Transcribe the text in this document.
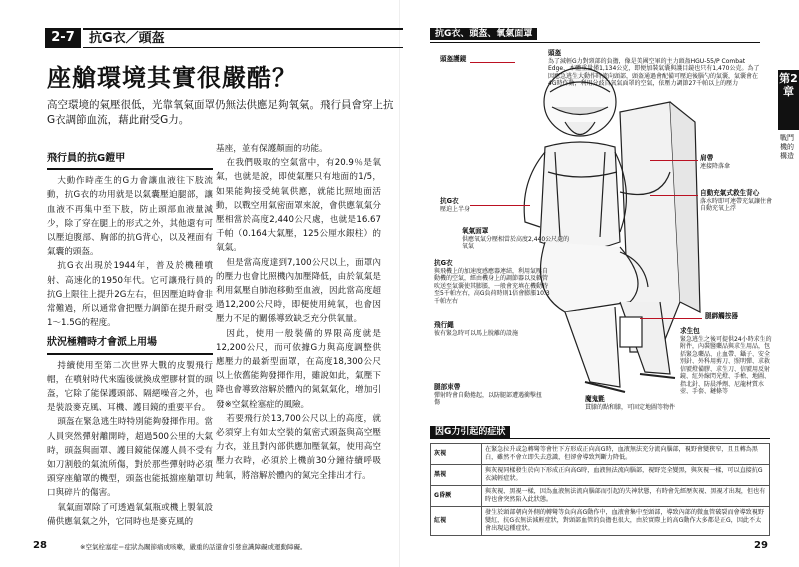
2-7	抗G衣／頭盔
座艙環境其實很嚴酷？
高空環境的氣壓很低，光靠氧氣面罩仍無法供應足夠氧氣。飛行員會穿上抗G衣調節血流，藉此耐受G力。
飛行員的抗G鎧甲

大動作時產生的G力會讓血液往下肢流動，抗G衣的功用就是以氣囊壓迫腿部，讓血液不再集中至下肢，防止頭部血液量減少，除了穿在腿上的形式之外，其他還有可以壓迫腹部、胸部的抗G背心，以及裡面有氣囊的頭盔。

抗G衣出現於1944年，普及於機種噴射、高速化的1950年代。它可讓飛行員的抗G上限往上提升2G左右，但因壓迫時會非常難過，所以通常會把壓力調節在提升耐受1～1.5G的程度。

狀況極糟時才會派上用場

持續使用至第二次世界大戰的皮製飛行帽，在噴射時代來臨後就換成塑膠材質的頭盔，它除了能保護頭部、隔絕噪音之外，也是裝設麥克風、耳機、護目鏡的重要平台。

頭盔在緊急逃生時特別能夠發揮作用。當人員突然彈射離開時，超過500公里的大氣時，頭盔與面罩、護目鏡能保護人員不受有如刀割般的氣流所傷，對於那些彈射時必須頭穿座艙罩的機型，頭盔也能抵擋座艙罩切口與碎片的傷害。

氧氣面罩除了可透過氧氣瓶或機上製氧設備供應氧氣之外，它同時也是麥克風的

基座，並有保護顏面的功能。

在我們吸取的空氣當中，有20.9％是氧氣，也就是說，即使氣壓只有地面的1/5，如果能夠接受純氧供應，就能比照地面活動，以戰空用氣密面罩來說，會供應氧氣分壓相當於高度2,440公尺處，也就是16.67千帕（0.164大氣壓，125公厘水銀柱）的氧氣。

但是當高度達到7,100公尺以上，面罩內的壓力也會比照機內加壓降低，由於氧氣是利用氣壓自肺泡移動至血液，因此當高度超過12,200公尺時，即便使用純氧，也會因壓力不足的關係導致缺乏充分供氧量。

因此，使用一般裝備的界限高度就是12,200公尺，而可依據G力與高度調整供應壓力的最新型面罩，在高度18,300公尺以上依舊能夠發揮作用，雖說如此，氣壓下降也會導致溶解於體內的氮氣氣化，增加引發※空氣栓塞症的風險。

若要飛行於13,700公尺以上的高度，就必須穿上有如太空裝的氣密式頭盔與高空壓力衣，並且對內部供應加壓氧氣，使用高空壓力衣時，必須於上機前30分鐘待續呼吸純氧，將溶解於體內的氮完全排出才行。

28	※空氣栓塞症＝症狀為關節痛或咳嗽，嚴重的話還會引發意識障礙或運動障礙。
抗G衣、頭盔、氧氣面罩
第2章
戰鬥機的構造
頭盔護鏡
頭盔
為了減輕G力對頸部的負擔，像是美國空軍的主力頭盔HGU-55/P Combat Edge，本體重量僅1,134公克，即便加裝氣囊與護目鏡也只有1,470公克。為了因應急逃生大動作時流向頭部，頭盔通過會配備可壓迫後腦勺的氣囊，氣囊會在4G時作動，利用分歧自氧氣面罩的空氣，依壓力調節27千帕以上的壓力
肩帶
連接降落傘
自動充氣式救生背心
落水時即可連帶充氣讓住會自動充氧上浮
抗G衣
壓迫上半身
氧氣面罩
供應氧氣分壓相當於高度2,440公尺處的氧氣
抗G衣
與飛機上的加速度感應器連結，利用氣壓自動機的空氣，經由機身上的調節器以及軟管吹送至氣囊使其膨脹，一般會充填在機動時至5千帕左右，高G負荷時則1倍會膨脹10.3千帕左右
腿綁觸按器
求生包
緊急逃生之後可提供24小時求生的附件，內裝醫藥品與求生用品，包括緊急藥品、止血帶、鑷子、安全別針、外科用剪刀、照明彈、求救信號燈備膠、求生刀、信號用反射鏡、紅外線閃光燈、手槍、地圖、指北針、防晨淨劑、尼龍材質水壺、手套、鏈條等
飛行繩
彼有緊急時可以馬上脫離的設施
腿部束帶
彈射時會自動捲起，以防腿部遭遇衝擊扭傷	魔鬼氈
貫膝的點和膝，可固定地圖等物件
因G力引起的症狀
灰視	在緊急拉升或急轉彎等會往下方形成正向高G時，血液無法充分流向腦部，視野會變狹窄，且且轉為黑白，雖然不會立即失去意識，但卻會導致判斷力降低。
黑視	與灰視同樣發生於向下形成正向高G時，血液無法流向腦部，視野完全變黑，與灰視一樣，可以直接抗G衣減輕症狀。
G昏厥	與灰視、黑視一樣，因為血液無法流向腦部而引起的失神狀態，有時會先經歷灰視、黑視才出現，但也有時也會突然陷入此狀態。
紅視	發生於頭部朝向外側的轉彎等負向高G動作中，血液會集中至頭部，導致內部的微血管破裂而會導致視野變紅，抗G衣無法減輕症狀，對頭部血管的負擔也很大，由於實際上的高G動作大多都是正G，因此不太會出現這種症狀。
29
